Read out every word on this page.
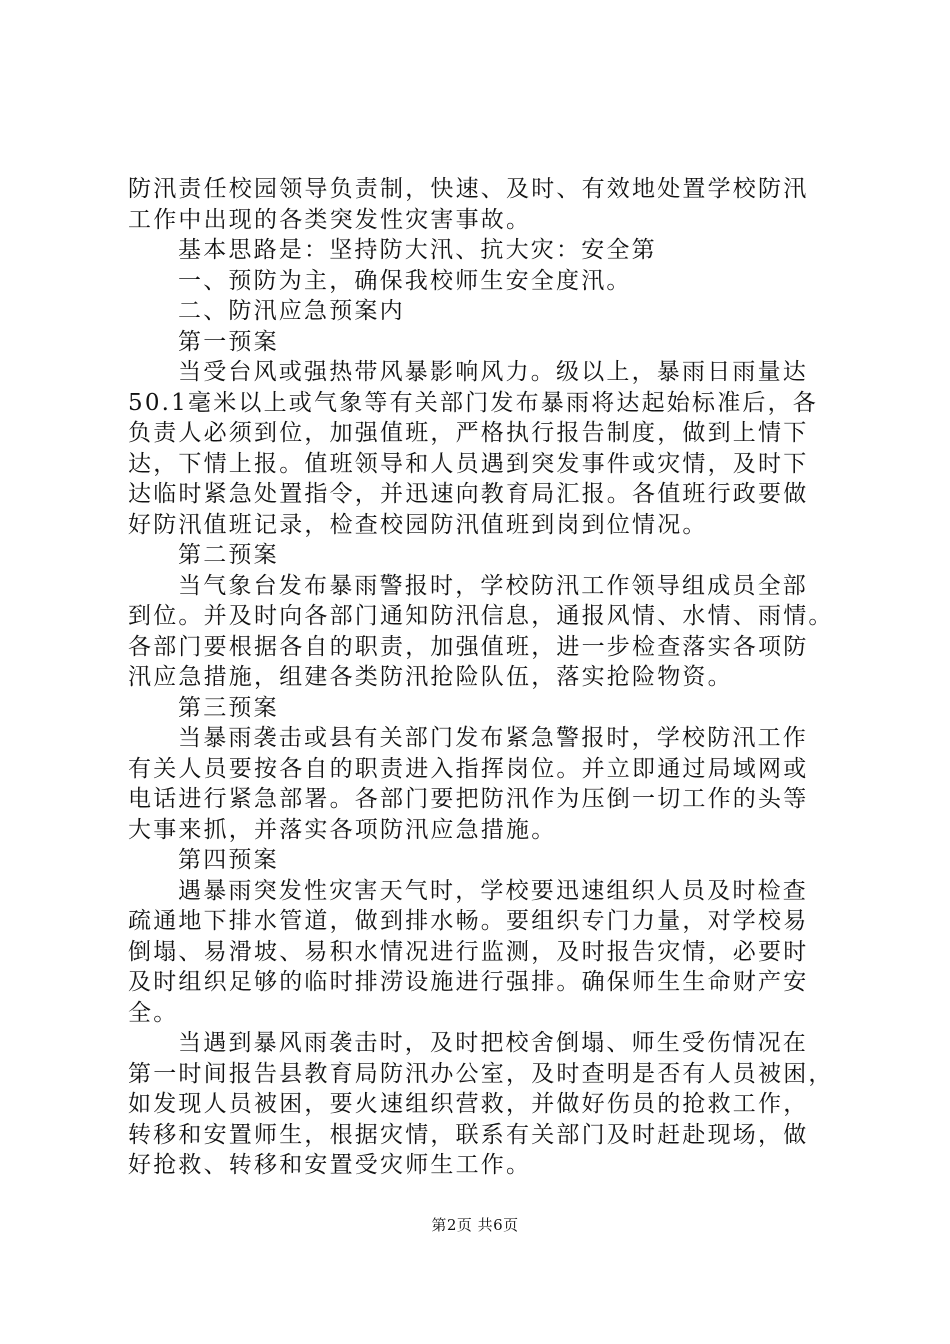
防汛责任校园领导负责制，快速、及时、有效地处置学校防汛
工作中出现的各类突发性灾害事故。
基本思路是：坚持防大汛、抗大灾：安全第
一、预防为主，确保我校师生安全度汛。
二、防汛应急预案内
第一预案
当受台风或强热带风暴影响风力。级以上，暴雨日雨量达
50.1毫米以上或气象等有关部门发布暴雨将达起始标准后，各
负责人必须到位，加强值班，严格执行报告制度，做到上情下
达，下情上报。值班领导和人员遇到突发事件或灾情，及时下
达临时紧急处置指令，并迅速向教育局汇报。各值班行政要做
好防汛值班记录，检查校园防汛值班到岗到位情况。
第二预案
当气象台发布暴雨警报时，学校防汛工作领导组成员全部
到位。并及时向各部门通知防汛信息，通报风情、水情、雨情。
各部门要根据各自的职责，加强值班，进一步检查落实各项防
汛应急措施，组建各类防汛抢险队伍，落实抢险物资。
第三预案
当暴雨袭击或县有关部门发布紧急警报时，学校防汛工作
有关人员要按各自的职责进入指挥岗位。并立即通过局域网或
电话进行紧急部署。各部门要把防汛作为压倒一切工作的头等
大事来抓，并落实各项防汛应急措施。
第四预案
遇暴雨突发性灾害天气时，学校要迅速组织人员及时检查
疏通地下排水管道，做到排水畅。要组织专门力量，对学校易
倒塌、易滑坡、易积水情况进行监测，及时报告灾情，必要时
及时组织足够的临时排涝设施进行强排。确保师生生命财产安
全。
当遇到暴风雨袭击时，及时把校舍倒塌、师生受伤情况在
第一时间报告县教育局防汛办公室，及时查明是否有人员被困，
如发现人员被困，要火速组织营救，并做好伤员的抢救工作，
转移和安置师生，根据灾情，联系有关部门及时赶赴现场，做
好抢救、转移和安置受灾师生工作。
第2页 共6页
